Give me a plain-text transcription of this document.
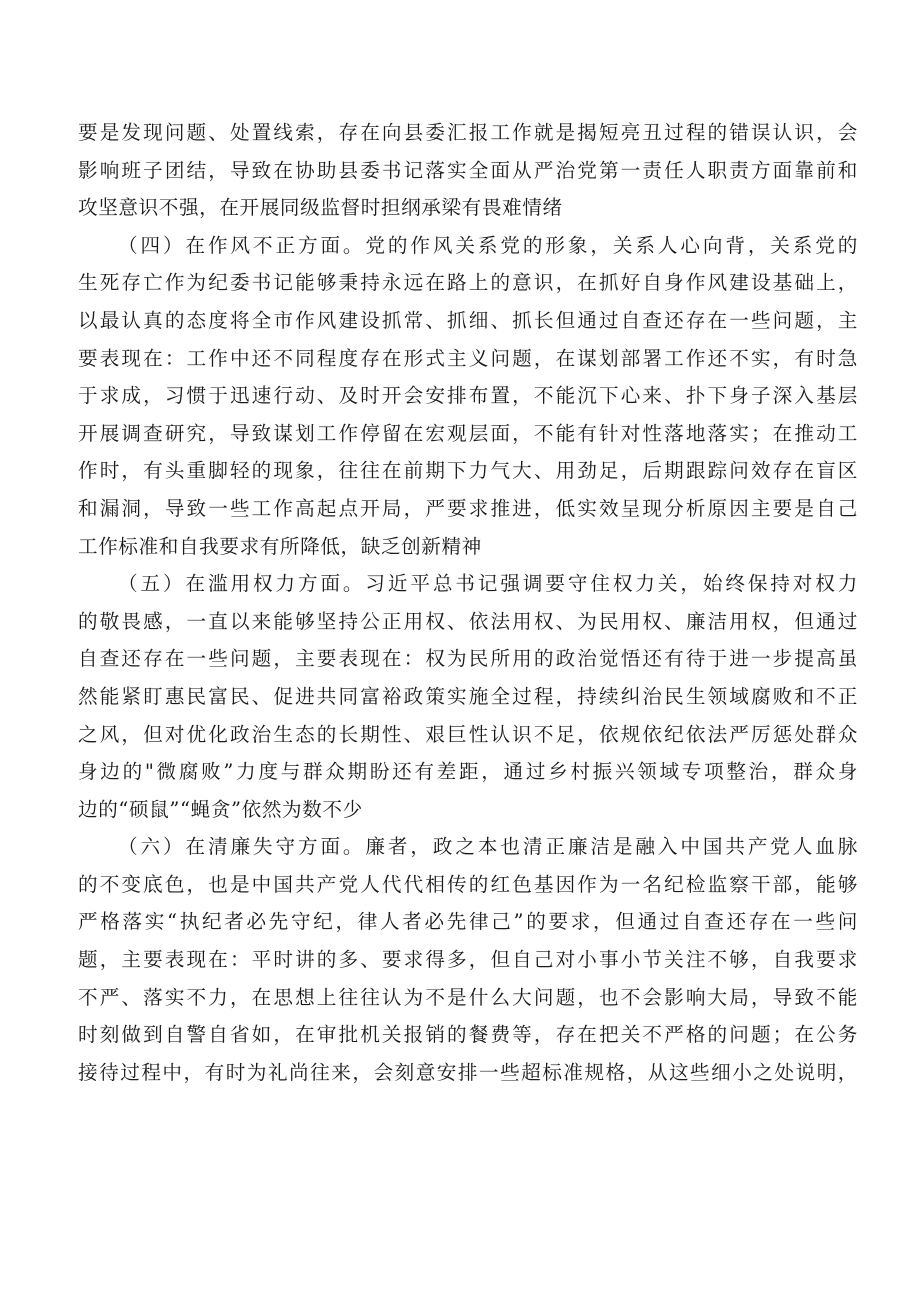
要是发现问题、处置线索，存在向县委汇报工作就是揭短亮丑过程的错误认识，会
影响班子团结，导致在协助县委书记落实全面从严治党第一责任人职责方面靠前和
攻坚意识不强，在开展同级监督时担纲承梁有畏难情绪
（四）在作风不正方面。党的作风关系党的形象，关系人心向背，关系党的
生死存亡作为纪委书记能够秉持永远在路上的意识，在抓好自身作风建设基础上，
以最认真的态度将全市作风建设抓常、抓细、抓长但通过自查还存在一些问题，主
要表现在：工作中还不同程度存在形式主义问题，在谋划部署工作还不实，有时急
于求成，习惯于迅速行动、及时开会安排布置，不能沉下心来、扑下身子深入基层
开展调查研究，导致谋划工作停留在宏观层面，不能有针对性落地落实；在推动工
作时，有头重脚轻的现象，往往在前期下力气大、用劲足，后期跟踪问效存在盲区
和漏洞，导致一些工作高起点开局，严要求推进，低实效呈现分析原因主要是自己
工作标准和自我要求有所降低，缺乏创新精神
（五）在滥用权力方面。习近平总书记强调要守住权力关，始终保持对权力
的敬畏感，一直以来能够坚持公正用权、依法用权、为民用权、廉洁用权，但通过
自查还存在一些问题，主要表现在：权为民所用的政治觉悟还有待于进一步提高虽
然能紧盯惠民富民、促进共同富裕政策实施全过程，持续纠治民生领域腐败和不正
之风，但对优化政治生态的长期性、艰巨性认识不足，依规依纪依法严厉惩处群众
身边的"微腐败”力度与群众期盼还有差距，通过乡村振兴领域专项整治，群众身
边的“硕鼠”“蝇贪”依然为数不少
（六）在清廉失守方面。廉者，政之本也清正廉洁是融入中国共产党人血脉
的不变底色，也是中国共产党人代代相传的红色基因作为一名纪检监察干部，能够
严格落实“执纪者必先守纪，律人者必先律己”的要求，但通过自查还存在一些问
题，主要表现在：平时讲的多、要求得多，但自己对小事小节关注不够，自我要求
不严、落实不力，在思想上往往认为不是什么大问题，也不会影响大局，导致不能
时刻做到自警自省如，在审批机关报销的餐费等，存在把关不严格的问题；在公务
接待过程中，有时为礼尚往来，会刻意安排一些超标准规格，从这些细小之处说明，
